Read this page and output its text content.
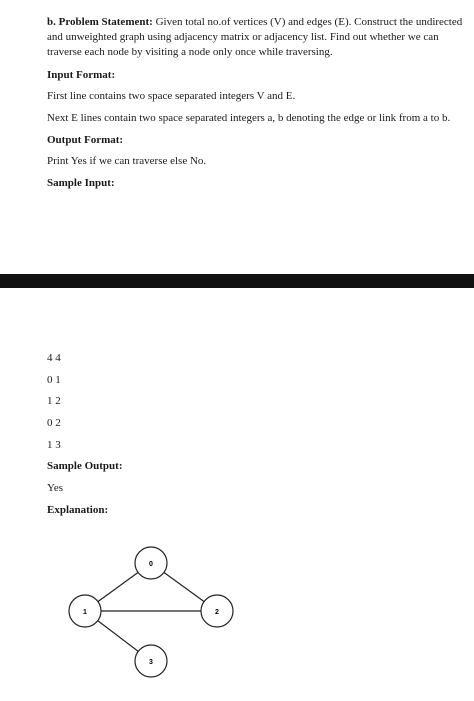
b. Problem Statement: Given total no.of vertices (V) and edges (E). Construct the undirected and unweighted graph using adjacency matrix or adjacency list. Find out whether we can traverse each node by visiting a node only once while traversing.
Input Format:
First line contains two space separated integers V and E.
Next E lines contain two space separated integers a, b denoting the edge or link from a to b.
Output Format:
Print Yes if we can traverse else No.
Sample Input:
4 4
0 1
1 2
0 2
1 3
Sample Output:
Yes
Explanation:
0
1	2
3
